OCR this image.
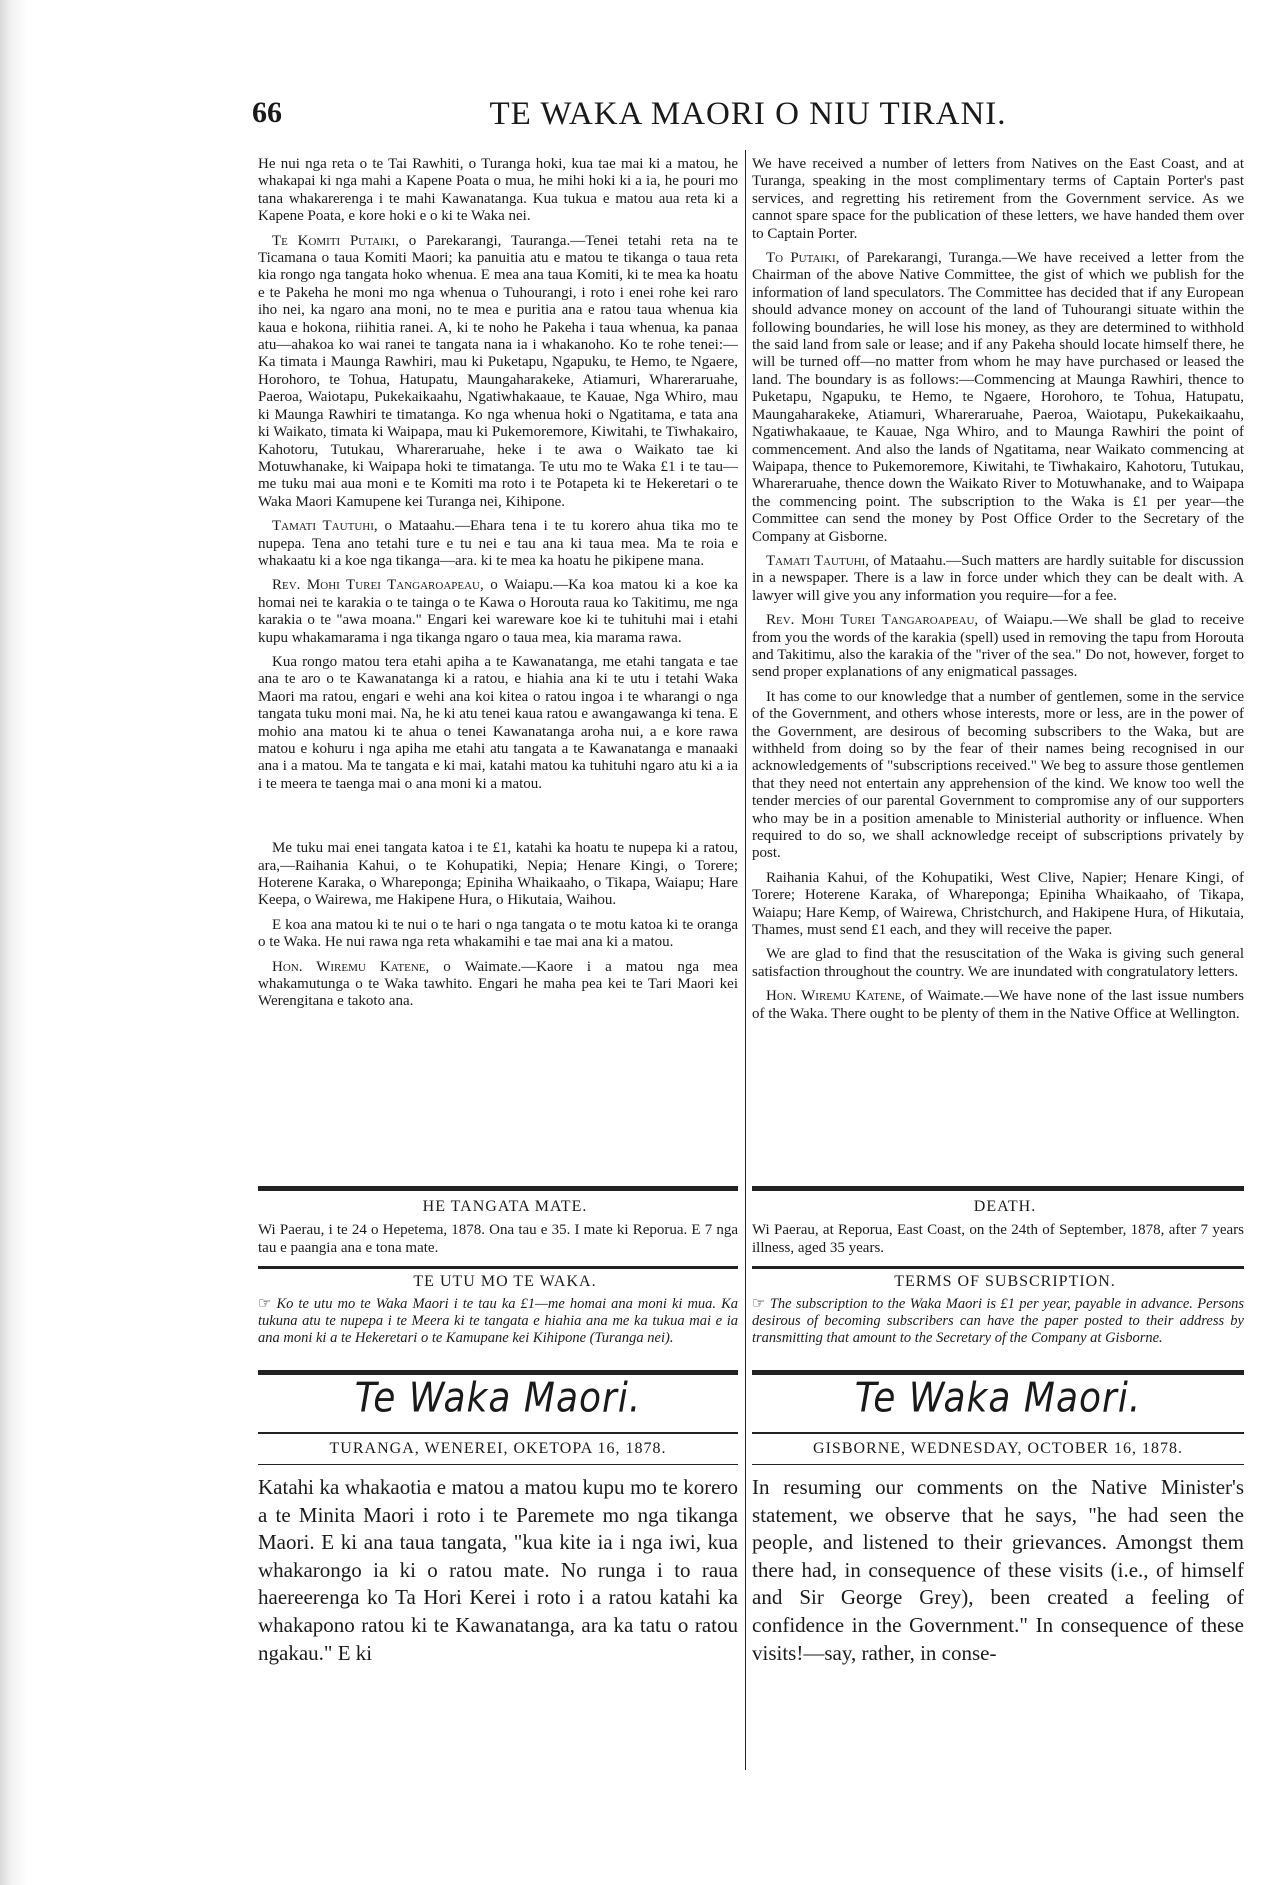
66	TE WAKA MAORI O NIU TIRANI.

He nui nga reta o te Tai Rawhiti, o Turanga hoki, kua tae mai ki a matou, he whakapai ki nga mahi a Kapene Poata o mua, he mihi hoki ki a ia, he pouri mo tana whakarerenga i te mahi Kawanatanga. Kua tukua e matou aua reta ki a Kapene Poata, e kore hoki e o ki te Waka nei.

Te Komiti Putaiki, o Parekarangi, Tauranga.—Tenei tetahi reta na te Ticamana o taua Komiti Maori; ka panuitia atu e matou te tikanga o taua reta kia rongo nga tangata hoko whenua. E mea ana taua Komiti, ki te mea ka hoatu e te Pakeha he moni mo nga whenua o Tuhourangi, i roto i enei rohe kei raro iho nei, ka ngaro ana moni, no te mea e puritia ana e ratou taua whenua kia kaua e hokona, riihitia ranei. A, ki te noho he Pakeha i taua whenua, ka panaa atu—ahakoa ko wai ranei te tangata nana ia i whakanoho. Ko te rohe tenei:—Ka timata i Maunga Rawhiri, mau ki Puketapu, Ngapuku, te Hemo, te Ngaere, Horohoro, te Tohua, Hatupatu, Maungaharakeke, Atiamuri, Whareraruahe, Paeroa, Waiotapu, Pukekaikaahu, Ngatiwhakaaue, te Kauae, Nga Whiro, mau ki Maunga Rawhiri te timatanga. Ko nga whenua hoki o Ngatitama, e tata ana ki Waikato, timata ki Waipapa, mau ki Pukemoremore, Kiwitahi, te Tiwhakairo, Kahotoru, Tutukau, Whareraruahe, heke i te awa o Waikato tae ki Motuwhanake, ki Waipapa hoki te timatanga. Te utu mo te Waka £1 i te tau—me tuku mai aua moni e te Komiti ma roto i te Potapeta ki te Hekeretari o te Waka Maori Kamupene kei Turanga nei, Kihipone.

Tamati Tautuhi, o Mataahu.—Ehara tena i te tu korero ahua tika mo te nupepa. Tena ano tetahi ture e tu nei e tau ana ki taua mea. Ma te roia e whakaatu ki a koe nga tikanga—ara. ki te mea ka hoatu he pikipene mana.

Rev. Mohi Turei Tangaroapeau, o Waiapu.—Ka koa matou ki a koe ka homai nei te karakia o te tainga o te Kawa o Horouta raua ko Takitimu, me nga karakia o te "awa moana." Engari kei wareware koe ki te tuhituhi mai i etahi kupu whakamarama i nga tikanga ngaro o taua mea, kia marama rawa.

Kua rongo matou tera etahi apiha a te Kawanatanga, me etahi tangata e tae ana te aro o te Kawanatanga ki a ratou, e hiahia ana ki te utu i tetahi Waka Maori ma ratou, engari e wehi ana koi kitea o ratou ingoa i te wharangi o nga tangata tuku moni mai. Na, he ki atu tenei kaua ratou e awangawanga ki tena. E mohio ana matou ki te ahua o tenei Kawanatanga aroha nui, a e kore rawa matou e kohuru i nga apiha me etahi atu tangata a te Kawanatanga e manaaki ana i a matou. Ma te tangata e ki mai, katahi matou ka tuhituhi ngaro atu ki a ia i te meera te taenga mai o ana moni ki a matou.

Me tuku mai enei tangata katoa i te £1, katahi ka hoatu te nupepa ki a ratou, ara,—Raihania Kahui, o te Kohupatiki, Nepia; Henare Kingi, o Torere; Hoterene Karaka, o Wharepongа; Epiniha Whaikaaho, o Tikapa, Waiapu; Hare Keepa, o Wairewa, me Hakipene Hura, o Hikutaia, Waihou.

E koa ana matou ki te nui o te hari o nga tangata o te motu katoa ki te oranga o te Waka. He nui rawa nga reta whakamihi e tae mai ana ki a matou.

Hon. Wiremu Katene, o Waimate.—Kaore i a matou nga mea whakamutunga o te Waka tawhito. Engari he maha pea kei te Tari Maori kei Werengitana e takoto ana.

We have received a number of letters from Natives on the East Coast, and at Turanga, speaking in the most complimentary terms of Captain Porter's past services, and regretting his retirement from the Government service. As we cannot spare space for the publication of these letters, we have handed them over to Captain Porter.

To Putaiki, of Parekarangi, Turanga.—We have received a letter from the Chairman of the above Native Committee, the gist of which we publish for the information of land speculators. The Committee has decided that if any European should advance money on account of the land of Tuhourangi situate within the following boundaries, he will lose his money, as they are determined to withhold the said land from sale or lease; and if any Pakeha should locate himself there, he will be turned off—no matter from whom he may have purchased or leased the land. The boundary is as follows:—Commencing at Maunga Rawhiri, thence to Puketapu, Ngapuku, te Hemo, te Ngaere, Horohoro, te Tohua, Hatupatu, Maungaharakeke, Atiamuri, Whareraruahe, Paeroa, Waiotapu, Pukekaikaahu, Ngatiwhakaaue, te Kauae, Nga Whiro, and to Maunga Rawhiri the point of commencement. And also the lands of Ngatitama, near Waikato commencing at Waipapa, thence to Pukemoremore, Kiwitahi, te Tiwhakairo, Kahotoru, Tutukau, Whareraruahe, thence down the Waikato River to Motuwhanake, and to Waipapa the commencing point. The subscription to the Waka is £1 per year—the Committee can send the money by Post Office Order to the Secretary of the Company at Gisborne.

Tamati Tautuhi, of Mataahu.—Such matters are hardly suitable for discussion in a newspaper. There is a law in force under which they can be dealt with. A lawyer will give you any information you require—for a fee.

Rev. Mohi Turei Tangaroapeau, of Waiapu.—We shall be glad to receive from you the words of the karakia (spell) used in removing the tapu from Horouta and Takitimu, also the karakia of the "river of the sea." Do not, however, forget to send proper explanations of any enigmatical passages.

It has come to our knowledge that a number of gentlemen, some in the service of the Government, and others whose interests, more or less, are in the power of the Government, are desirous of becoming subscribers to the Waka, but are withheld from doing so by the fear of their names being recognised in our acknowledgements of "subscriptions received." We beg to assure those gentlemen that they need not entertain any apprehension of the kind. We know too well the tender mercies of our parental Government to compromise any of our supporters who may be in a position amenable to Ministerial authority or influence. When required to do so, we shall acknowledge receipt of subscriptions privately by post.

Raihania Kahui, of the Kohupatiki, West Clive, Napier; Henare Kingi, of Torere; Hoterene Karaka, of Whareponga; Epiniha Whaikaaho, of Tikapa, Waiapu; Hare Kemp, of Wairewa, Christchurch, and Hakipene Hura, of Hikutaia, Thames, must send £1 each, and they will receive the paper.

We are glad to find that the resuscitation of the Waka is giving such general satisfaction throughout the country. We are inundated with congratulatory letters.

Hon. Wiremu Katene, of Waimate.—We have none of the last issue numbers of the Waka. There ought to be plenty of them in the Native Office at Wellington.

HE TANGATA MATE.

Wi Paerau, i te 24 o Hepetema, 1878. Ona tau e 35. I mate ki Reporua. E 7 nga tau e paangia ana e tona mate.

DEATH.

Wi Paerau, at Reporua, East Coast, on the 24th of September, 1878, after 7 years illness, aged 35 years.

TE UTU MO TE WAKA.	TERMS OF SUBSCRIPTION.

☞ Ko te utu mo te Waka Maori i te tau ka £1—me homai ana moni ki mua. Ka tukuna atu te nupepa i te Meera ki te tangata e hiahia ana me ka tukua mai e ia ana moni ki a te Hekeretari o te Kamupane kei Kihipone (Turanga nei).
☞ The subscription to the Waka Maori is £1 per year, payable in advance. Persons desirous of becoming subscribers can have the paper posted to their address by transmitting that amount to the Secretary of the Company at Gisborne.
Te Waka Maori.	Te Waka Maori.
TURANGA, WENEREI, OKETOPA 16, 1878.	GISBORNE, WEDNESDAY, OCTOBER 16, 1878.
Katahi ka whakaotia e matou a matou kupu mo te korero a te Minita Maori i roto i te Paremete mo nga tikanga Maori. E ki ana taua tangata, "kua kite ia i nga iwi, kua whakarongo ia ki o ratou mate. No runga i to raua haereerenga ko Ta Hori Kerei i roto i a ratou katahi ka whakapono ratou ki te Kawanatanga, ara ka tatu o ratou ngakau." E ki
In resuming our comments on the Native Minister's statement, we observe that he says, "he had seen the people, and listened to their grievances. Amongst them there had, in consequence of these visits (i.e., of himself and Sir George Grey), been created a feeling of confidence in the Government." In consequence of these visits!—say, rather, in conse-
